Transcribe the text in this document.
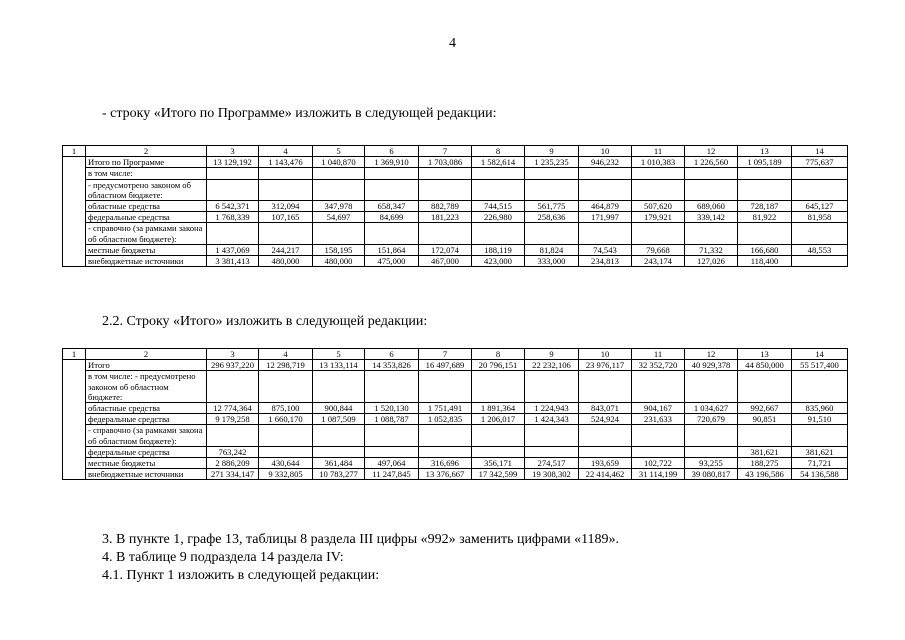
4
- строку «Итого по Программе» изложить в следующей редакции:
1	2	3	4	5	6	7	8	9	10	11	12	13	14
	Итого по Программе	13 129,192	1 143,476	1 040,870	1 369,910	1 703,086	1 582,614	1 235,235	946,232	1 010,383	1 226,560	1 095,189	775,637
	в том числе:												
	- предусмотрено законом об областном бюджете:												
	областные средства	6 542,371	312,094	347,978	658,347	882,789	744,515	561,775	464,879	507,620	689,060	728,187	645,127
	федеральные средства	1 768,339	107,165	54,697	84,699	181,223	226,980	258,636	171,997	179,921	339,142	81,922	81,958
	- справочно (за рамками закона об областном бюджете):												
	местные бюджеты	1 437,069	244,217	158,195	151,864	172,074	188,119	81,824	74,543	79,668	71,332	166,680	48,553
	внебюджетные источники	3 381,413	480,000	480,000	475,000	467,000	423,000	333,000	234,813	243,174	127,026	118,400	
2.2. Строку «Итого» изложить в следующей редакции:
1	2	3	4	5	6	7	8	9	10	11	12	13	14
	Итого	296 937,220	12 298,719	13 133,114	14 353,826	16 497,689	20 796,151	22 232,106	23 976,117	32 352,720	40 929,378	44 850,000	55 517,400
	в том числе: - предусмотрено законом об областном бюджете:												
	областные средства	12 774,364	875,100	900,844	1 520,130	1 751,491	1 891,364	1 224,943	843,071	904,167	1 034,627	992,667	835,960
	федеральные средства	9 179,258	1 660,170	1 087,509	1 088,787	1 052,835	1 206,017	1 424,343	524,924	231,633	720,679	90,851	91,510
	- справочно (за рамками закона об областном бюджете):												
	федеральные средства	763,242										381,621	381,621
	местные бюджеты	2 886,209	430,644	361,484	497,064	316,696	356,171	274,517	193,659	102,722	93,255	188,275	71,721
	внебюджетные источники	271 334,147	9 332,805	10 783,277	11 247,845	13 376,667	17 342,599	19 308,302	22 414,462	31 114,199	39 080,817	43 196,586	54 136,588
3. В пункте 1, графе 13, таблицы 8 раздела III цифры «992» заменить цифрами «1189».
4. В таблице 9 подраздела 14 раздела IV:
4.1. Пункт 1 изложить в следующей редакции:
